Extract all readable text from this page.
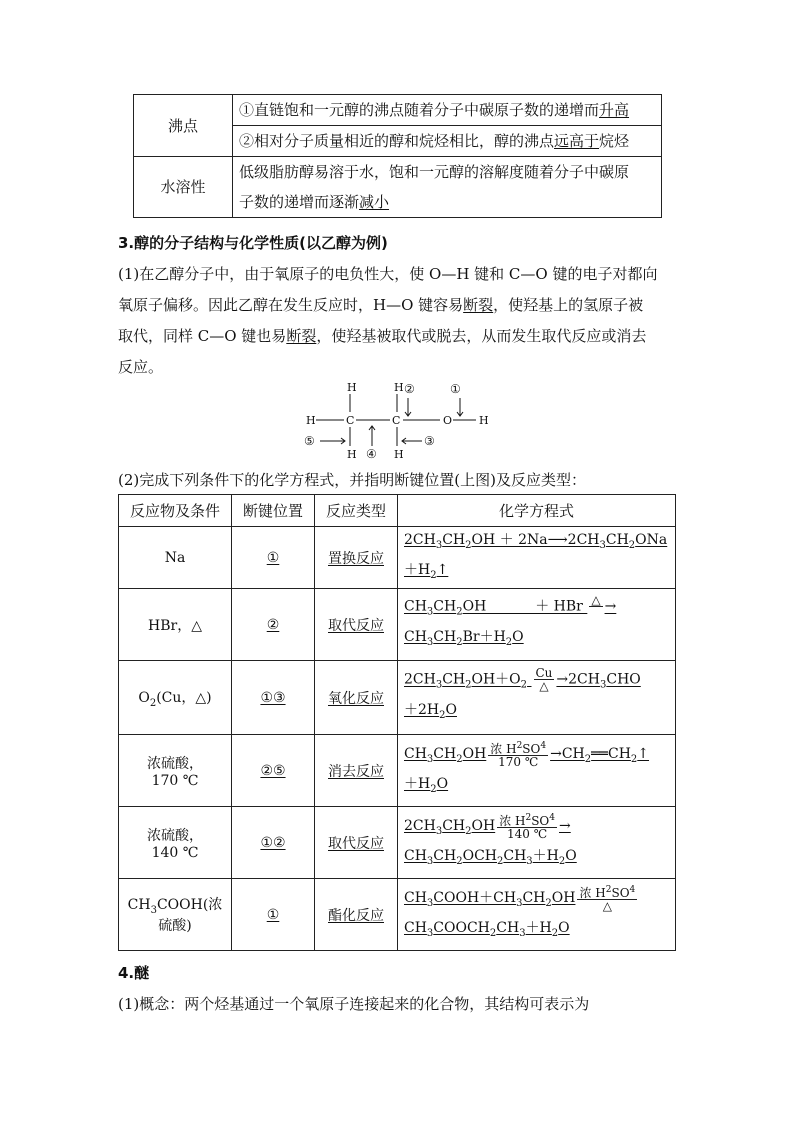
沸点	①直链饱和一元醇的沸点随着分子中碳原子数的递增而升高
	②相对分子质量相近的醇和烷烃相比，醇的沸点远高于烷烃
水溶性	低级脂肪醇易溶于水，饱和一元醇的溶解度随着分子中碳原
子数的递增而逐渐减小
3.醇的分子结构与化学性质(以乙醇为例)
(1)在乙醇分子中，由于氧原子的电负性大，使 O—H 键和 C—O 键的电子对都向
氧原子偏移。因此乙醇在发生反应时，H—O 键容易断裂，使羟基上的氢原子被
取代，同样 C—O 键也易断裂，使羟基被取代或脱去，从而发生取代反应或消去
反应。
H	H
H	C	C	O H
H	H
①
②
③
④
⑤
(2)完成下列条件下的化学方程式，并指明断键位置(上图)及反应类型：
反应物及条件	断键位置	反应类型	化学方程式
Na	①	置换反应	$2CH_3CH_2OH$ ＋ $2Na⟶2CH_3CH_2ONa$
$+H_2↑$

HBr，△	②	取代反应	$CH_3CH_2OH$           ＋ HBr △
→
$CH_3CH_2Br+H_2O$

$O_2(Cu$，△)	①③	氧化反应	$2CH_3CH_2OH+O_2$
Cu
△ $\to 2CH_3CHO$
$+2H_2O$

浓硫酸，
170 ℃	②⑤	消去反应	$CH_3CH_2OH$ 浓 $H^2SO^4$
170 ℃ $\to CH_2══CH_2↑$
$+H_2O$

浓硫酸，
140 ℃	①②	取代反应	$2CH_3CH_2OH$ 浓 $H^2SO^4$
140 ℃ →
$CH_3CH_2OCH_2CH_3+H_2O$

$CH_3COOH$(浓
硫酸)	①	酯化反应	$CH_3COOH+CH_3CH_2OH$ 浓 $H^2SO^4$
△
$CH_3COOCH_2CH_3+H_2O$
4.醚
(1)概念：两个烃基通过一个氧原子连接起来的化合物，其结构可表示为
